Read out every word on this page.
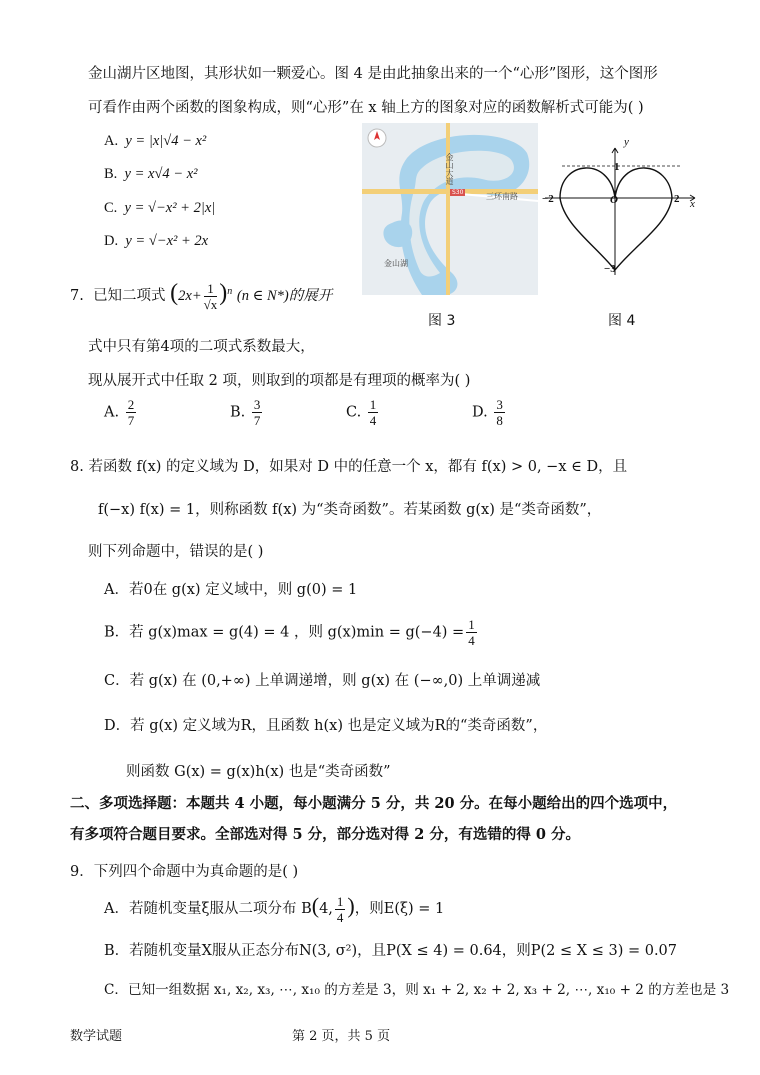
金山湖片区地图，其形状如一颗爱心。图 4 是由此抽象出来的一个“心形”图形，这个图形
可看作由两个函数的图象构成，则“心形”在 x 轴上方的图象对应的函数解析式可能为( )
A. y = |x|√4 − x²
B. y = x√4 − x²
C. y = √−x² + 2|x|
D. y = √−x² + 2x
金山大道
三环南路
金山湖
S30
y
x
O
−2	2
1
−3
图 3	图 4
7. 已知二项式 $(2x+ \frac{1}{√x} )^n$ (n ∈ N*)的展开
式中只有第4项的二项式系数最大，
现从展开式中任取 2 项，则取到的项都是有理项的概率为( )
A. $\frac{2}{7}$	B. $\frac{3}{7}$	C. $\frac{1}{4}$	D. $\frac{3}{8}$
8. 若函数 f(x) 的定义域为 D，如果对 D 中的任意一个 x，都有 f(x) > 0, −x ∈ D，且
f(−x) f(x) = 1，则称函数 f(x) 为“类奇函数”。若某函数 g(x) 是“类奇函数”，
则下列命题中，错误的是( )
A．若0在 g(x) 定义域中，则 g(0) = 1
B．若 g(x)max = g(4) = 4 ，则 $g(x)\min = g(-4) = \frac{1}{4}$
C．若 g(x) 在 (0,+∞) 上单调递增，则 g(x) 在 (−∞,0) 上单调递减
D．若 g(x) 定义域为R，且函数 h(x) 也是定义域为R的“类奇函数”，
则函数 G(x) = g(x)h(x) 也是“类奇函数”
二、多项选择题：本题共 4 小题，每小题满分 5 分，共 20 分。在每小题给出的四个选项中，
有多项符合题目要求。全部选对得 5 分，部分选对得 2 分，有选错的得 0 分。
9．下列四个命题中为真命题的是( )
A．若随机变量ξ服从二项分布 B(4, $\frac{1}{4}$ )，则E(ξ) = 1
B．若随机变量X服从正态分布N(3, σ²)，且P(X ≤ 4) = 0.64，则P(2 ≤ X ≤ 3) = 0.07
C．已知一组数据 x₁, x₂, x₃, ⋯, x₁₀ 的方差是 3，则 x₁ + 2, x₂ + 2, x₃ + 2, ⋯, x₁₀ + 2 的方差也是 3
数学试题	第 2 页，共 5 页
